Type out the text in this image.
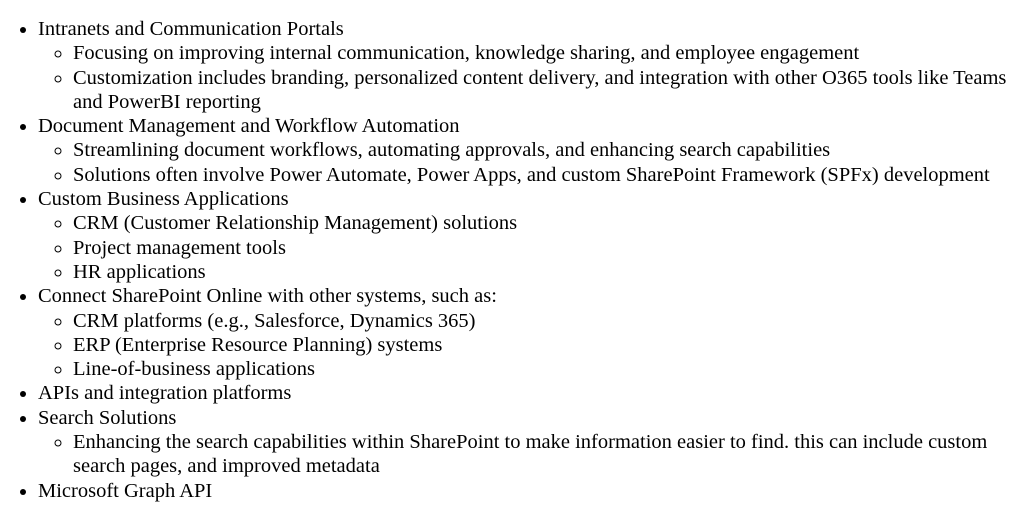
• Intranets and Communication Portals
◦ Focusing on improving internal communication, knowledge sharing, and employee engagement
◦ Customization includes branding, personalized content delivery, and integration with other O365 tools like Teams and PowerBI reporting
• Document Management and Workflow Automation
◦ Streamlining document workflows, automating approvals, and enhancing search capabilities
◦ Solutions often involve Power Automate, Power Apps, and custom SharePoint Framework (SPFx) development
• Custom Business Applications
◦ CRM (Customer Relationship Management) solutions
◦ Project management tools
◦ HR applications
• Connect SharePoint Online with other systems, such as:
◦ CRM platforms (e.g., Salesforce, Dynamics 365)
◦ ERP (Enterprise Resource Planning) systems
◦ Line-of-business applications
• APIs and integration platforms
• Search Solutions
◦ Enhancing the search capabilities within SharePoint to make information easier to find. this can include custom search pages, and improved metadata
• Microsoft Graph API
